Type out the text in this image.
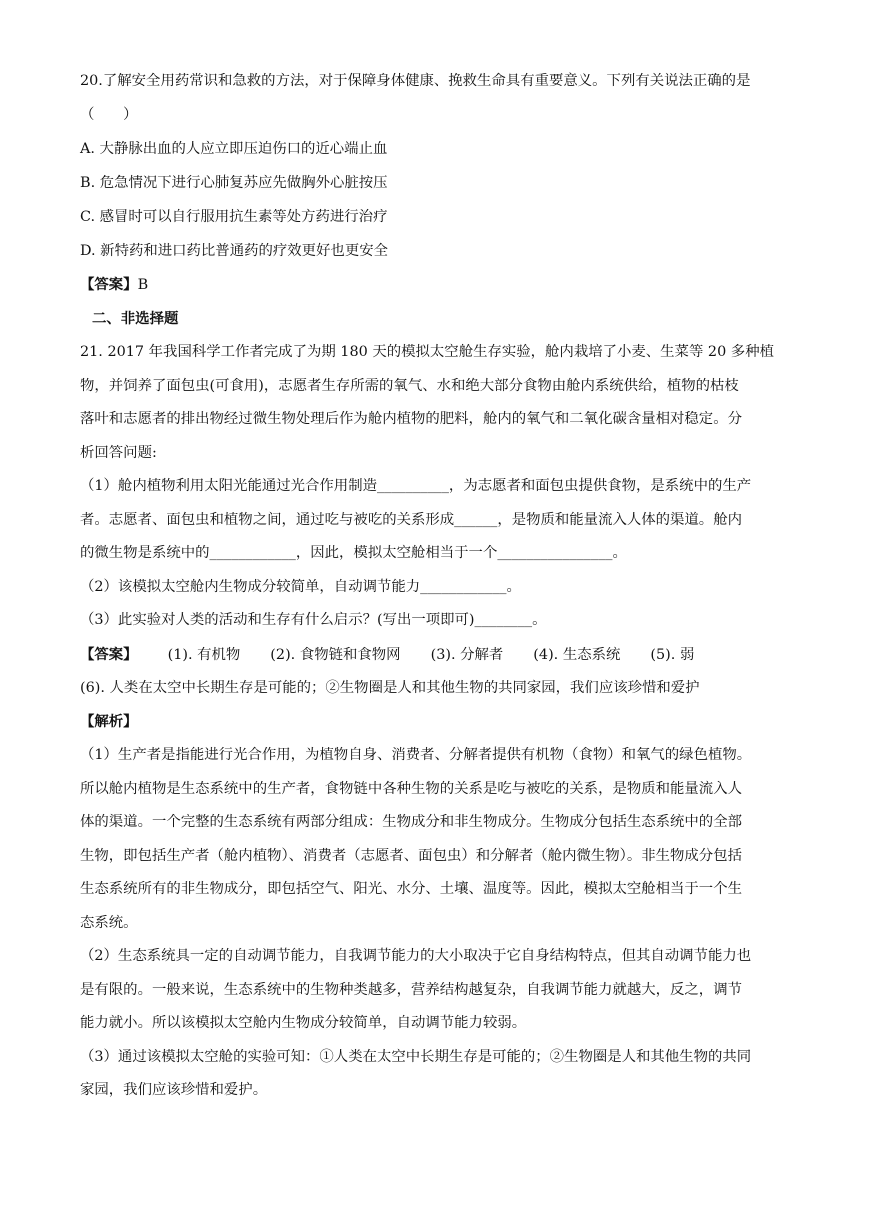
20.了解安全用药常识和急救的方法，对于保障身体健康、挽救生命具有重要意义。下列有关说法正确的是

（　　）

A. 大静脉出血的人应立即压迫伤口的近心端止血

B. 危急情况下进行心肺复苏应先做胸外心脏按压

C. 感冒时可以自行服用抗生素等处方药进行治疗

D. 新特药和进口药比普通药的疗效更好也更安全

【答案】B

二、非选择题

21. 2017 年我国科学工作者完成了为期 180 天的模拟太空舱生存实验，舱内栽培了小麦、生菜等 20 多种植

物，并饲养了面包虫(可食用)，志愿者生存所需的氧气、水和绝大部分食物由舱内系统供给，植物的枯枝

落叶和志愿者的排出物经过微生物处理后作为舱内植物的肥料，舱内的氧气和二氧化碳含量相对稳定。分

析回答问题:

（1）舱内植物利用太阳光能通过光合作用制造__________，为志愿者和面包虫提供食物，是系统中的生产

者。志愿者、面包虫和植物之间，通过吃与被吃的关系形成______，是物质和能量流入人体的渠道。舱内

的微生物是系统中的____________，因此，模拟太空舱相当于一个________________。

（2）该模拟太空舱内生物成分较简单，自动调节能力____________。

（3）此实验对人类的活动和生存有什么启示？(写出一项即可)________。

【答案】	(1). 有机物	(2). 食物链和食物网	(3). 分解者	(4). 生态系统	(5). 弱

(6). 人类在太空中长期生存是可能的；②生物圈是人和其他生物的共同家园，我们应该珍惜和爱护

【解析】

（1）生产者是指能进行光合作用，为植物自身、消费者、分解者提供有机物（食物）和氧气的绿色植物。

所以舱内植物是生态系统中的生产者，食物链中各种生物的关系是吃与被吃的关系，是物质和能量流入人

体的渠道。一个完整的生态系统有两部分组成：生物成分和非生物成分。生物成分包括生态系统中的全部

生物，即包括生产者（舱内植物）、消费者（志愿者、面包虫）和分解者（舱内微生物）。非生物成分包括

生态系统所有的非生物成分，即包括空气、阳光、水分、土壤、温度等。因此，模拟太空舱相当于一个生

态系统。

（2）生态系统具一定的自动调节能力，自我调节能力的大小取决于它自身结构特点，但其自动调节能力也

是有限的。一般来说，生态系统中的生物种类越多，营养结构越复杂，自我调节能力就越大，反之，调节

能力就小。所以该模拟太空舱内生物成分较简单，自动调节能力较弱。

（3）通过该模拟太空舱的实验可知：①人类在太空中长期生存是可能的；②生物圈是人和其他生物的共同

家园，我们应该珍惜和爱护。
